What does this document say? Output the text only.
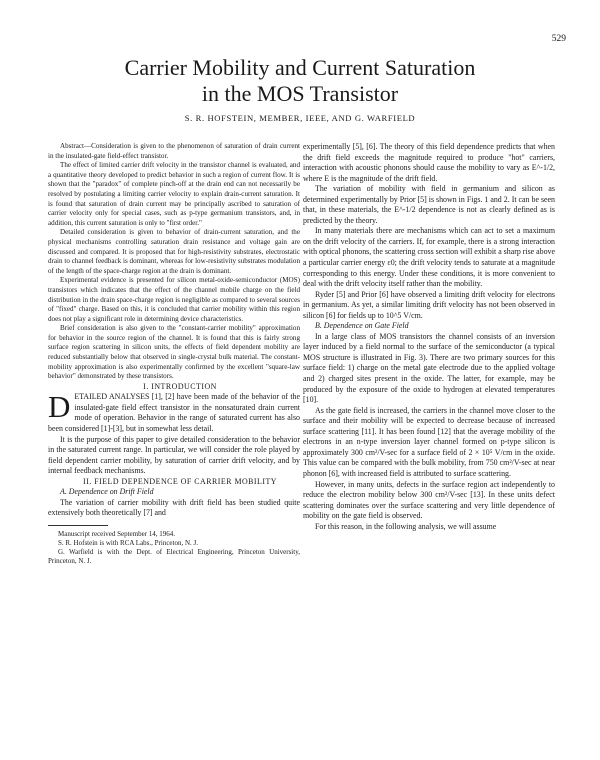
529
Carrier Mobility and Current Saturation
in the MOS Transistor
S. R. HOFSTEIN, MEMBER, IEEE, AND G. WARFIELD

Abstract—Consideration is given to the phenomenon of saturation of drain current in the insulated-gate field-effect transistor.

The effect of limited carrier drift velocity in the transistor channel is evaluated, and a quantitative theory developed to predict behavior in such a region of current flow. It is shown that the "paradox" of complete pinch-off at the drain end can not necessarily be resolved by postulating a limiting carrier velocity to explain drain-current saturation. It is found that saturation of drain current may be principally ascribed to saturation of carrier velocity only for special cases, such as p-type germanium transistors, and, in addition, this current saturation is only to "first order."

Detailed consideration is given to behavior of drain-current saturation, and the physical mechanisms controlling saturation drain resistance and voltage gain are discussed and compared. It is proposed that for high-resistivity substrates, electrostatic drain to channel feedback is dominant, whereas for low-resistivity substrates modulation of the length of the space-charge region at the drain is dominant.

Experimental evidence is presented for silicon metal-oxide-semiconductor (MOS) transistors which indicates that the effect of the channel mobile charge on the field distribution in the drain space-charge region is negligible as compared to several sources of "fixed" charge. Based on this, it is concluded that carrier mobility within this region does not play a significant role in determining device characteristics.

Brief consideration is also given to the "constant-carrier mobility" approximation for behavior in the source region of the channel. It is found that this is fairly strong surface region scattering in silicon units, the effects of field dependent mobility are reduced substantially below that observed in single-crystal bulk material. The constant-mobility approximation is also experimentally confirmed by the excellent "square-law behavior" demonstrated by these transistors.

I. INTRODUCTION

DETAILED ANALYSES [1], [2] have been made of the behavior of the insulated-gate field effect transistor in the nonsaturated drain current mode of operation. Behavior in the range of saturated current has also been considered [1]-[3], but in somewhat less detail.

It is the purpose of this paper to give detailed consideration to the behavior in the saturated current range. In particular, we will consider the role played by field dependent carrier mobility, by saturation of carrier drift velocity, and by internal feedback mechanisms.

II. FIELD DEPENDENCE OF CARRIER MOBILITY

A. Dependence on Drift Field

The variation of carrier mobility with drift field has been studied quite extensively both theoretically [7] and

Manuscript received September 14, 1964.

S. R. Hofstein is with RCA Labs., Princeton, N. J.

G. Warfield is with the Dept. of Electrical Engineering, Princeton University, Princeton, N. J.

experimentally [5], [6]. The theory of this field dependence predicts that when the drift field exceeds the magnitude required to produce "hot" carriers, interaction with acoustic phonons should cause the mobility to vary as E^-1/2, where E is the magnitude of the drift field.

The variation of mobility with field in germanium and silicon as determined experimentally by Prior [5] is shown in Figs. 1 and 2. It can be seen that, in these materials, the E^-1/2 dependence is not as clearly defined as is predicted by the theory.

In many materials there are mechanisms which can act to set a maximum on the drift velocity of the carriers. If, for example, there is a strong interaction with optical phonons, the scattering cross section will exhibit a sharp rise above a particular carrier energy ε0; the drift velocity tends to saturate at a magnitude corresponding to this energy. Under these conditions, it is more convenient to deal with the drift velocity itself rather than the mobility.

Ryder [5] and Prior [6] have observed a limiting drift velocity for electrons in germanium. As yet, a similar limiting drift velocity has not been observed in silicon [6] for fields up to 10^5 V/cm.

B. Dependence on Gate Field

In a large class of MOS transistors the channel consists of an inversion layer induced by a field normal to the surface of the semiconductor (a typical MOS structure is illustrated in Fig. 3). There are two primary sources for this surface field: 1) charge on the metal gate electrode due to the applied voltage and 2) charged sites present in the oxide. The latter, for example, may be produced by the exposure of the oxide to hydrogen at elevated temperatures [10].

As the gate field is increased, the carriers in the channel move closer to the surface and their mobility will be expected to decrease because of increased surface scattering [11]. It has been found [12] that the average mobility of the electrons in an n-type inversion layer channel formed on p-type silicon is approximately 300 cm²/V-sec for a surface field of 2 × 10⁵ V/cm in the oxide. This value can be compared with the bulk mobility, from 750 cm²/V-sec at near phonon [6], with increased field is attributed to surface scattering.

However, in many units, defects in the surface region act independently to reduce the electron mobility below 300 cm²/V-sec [13]. In these units defect scattering dominates over the surface scattering and very little dependence of mobility on the gate field is observed.

For this reason, in the following analysis, we will assume
